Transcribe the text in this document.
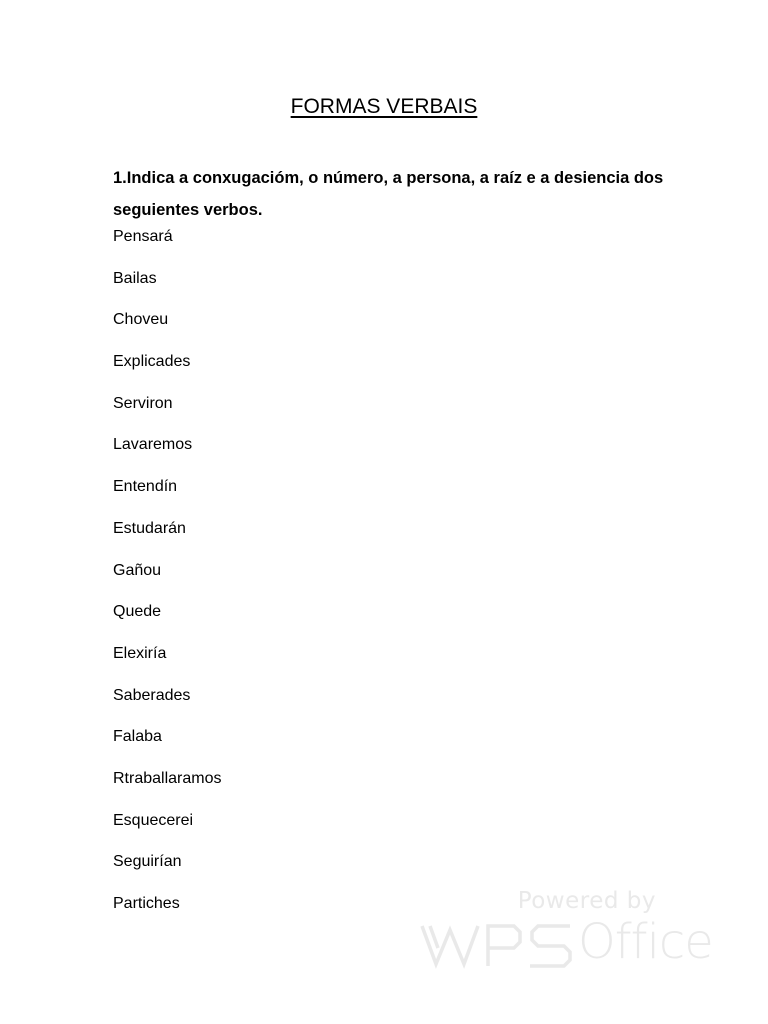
FORMAS VERBAIS
1.Indica a conxugacióm, o número, a persona, a raíz e a desiencia dos seguientes verbos.
Pensará
Bailas
Choveu
Explicades
Serviron
Lavaremos
Entendín
Estudarán
Gañou
Quede
Elexiría
Saberades
Falaba
Rtraballaramos
Esquecerei
Seguirían
Partiches	Powered by
Office
